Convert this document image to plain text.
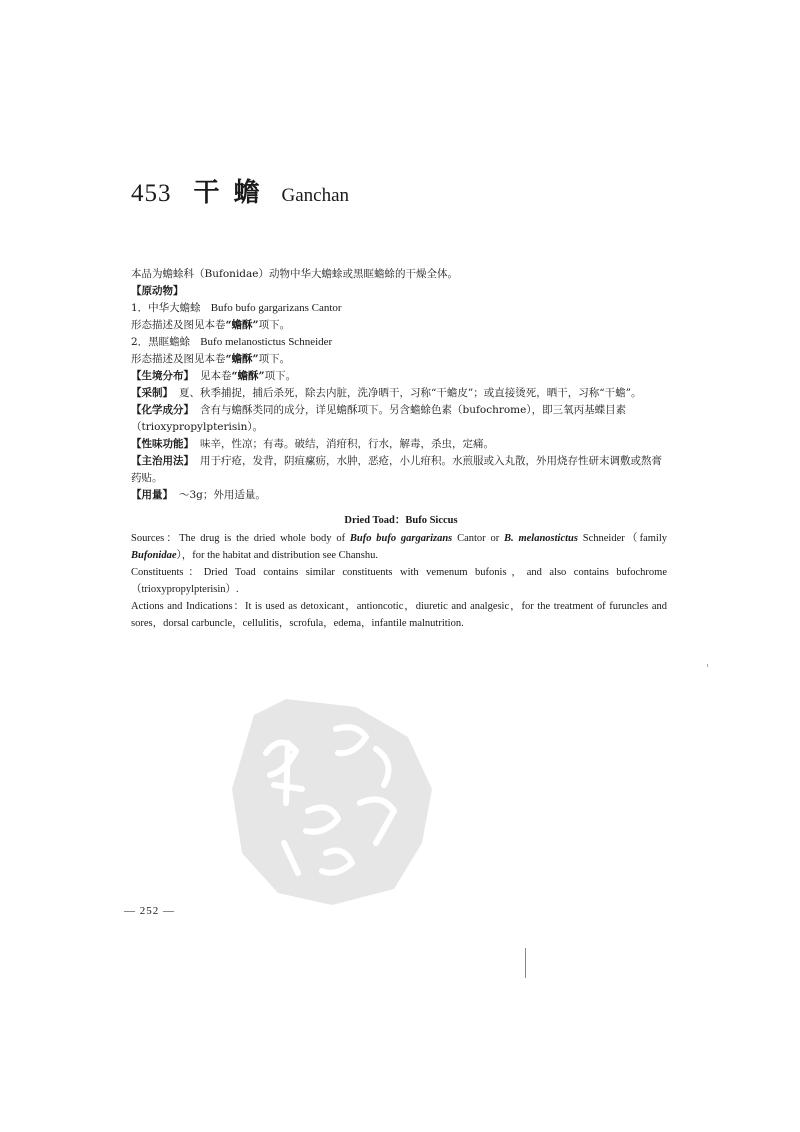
453 干蟾 Ganchan
本品为蟾蜍科（Bufonidae）动物中华大蟾蜍或黑眶蟾蜍的干燥全体。
【原动物】
1．中华大蟾蜍 Bufo bufo gargarizans Cantor
形态描述及图见本卷“蟾酥”项下。
2．黑眶蟾蜍 Bufo melanostictus Schneider
形态描述及图见本卷“蟾酥”项下。
【生境分布】 见本卷“蟾酥”项下。
【采制】 夏、秋季捕捉，捕后杀死，除去内脏，洗净晒干，习称“干蟾皮”；或直接烫死，晒干，习称“干蟾”。
【化学成分】 含有与蟾酥类同的成分，详见蟾酥项下。另含蟾蜍色素（bufochrome），即三氧丙基蝶目素（trioxypropylpterisin）。
【性味功能】 味辛，性凉；有毒。破结，消疳积，行水，解毒，杀虫，定痛。
【主治用法】 用于疔疮，发背，阴疽瘰疬，水肿，恶疮，小儿疳积。水煎服或入丸散，外用烧存性研末调敷或熬膏药贴。
【用量】 ～3g；外用适量。
Dried Toad：Bufo Siccus

Sources：The drug is the dried whole body of Bufo bufo gargarizans Cantor or B. melanostictus Schneider（family Bufonidae），for the habitat and distribution see Chanshu.

Constituents：Dried Toad contains similar constituents with vemenum bufonis，and also contains bufochrome（trioxypropylpterisin）.

Actions and Indications：It is used as detoxicant，antioncotic，diuretic and analgesic，for the treatment of furuncles and sores，dorsal carbuncle，cellulitis，scrofula，edema，infantile malnutrition.

— 252 —
